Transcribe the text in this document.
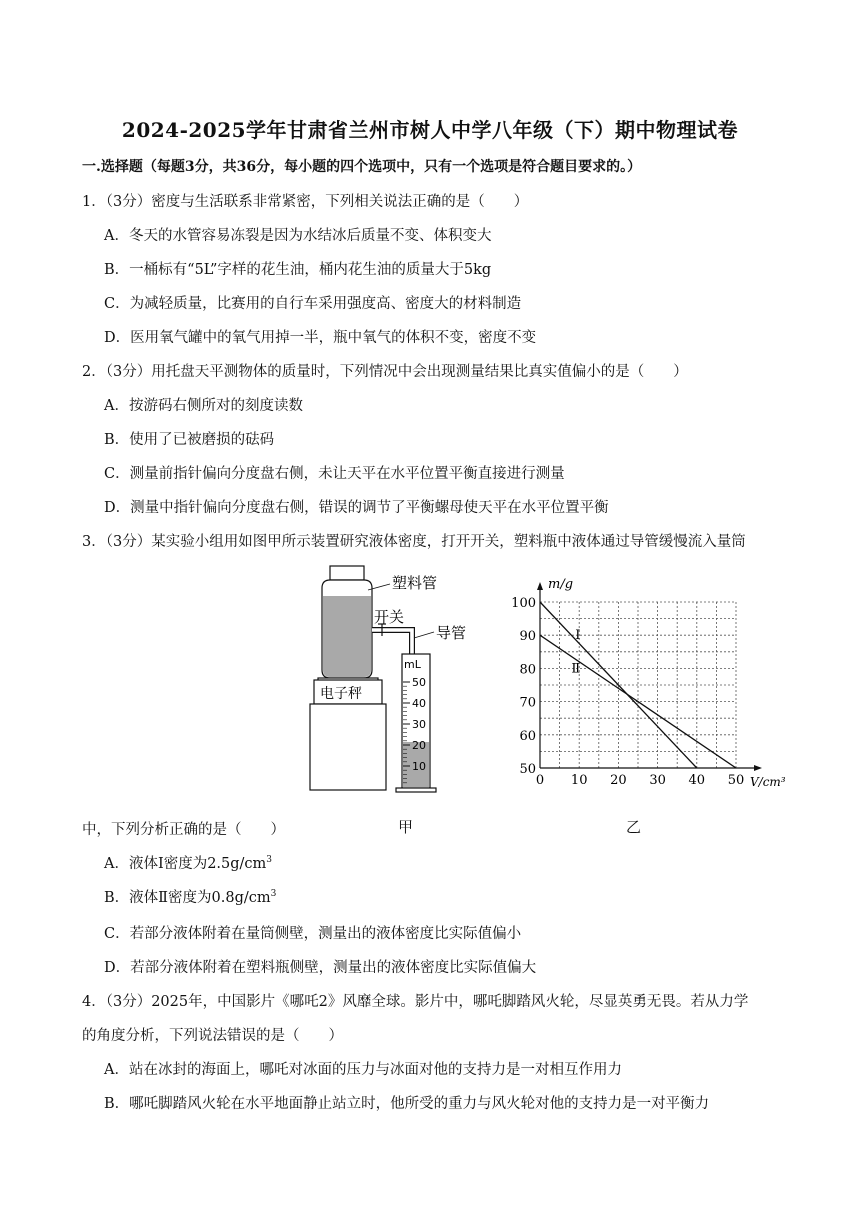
2024-2025学年甘肃省兰州市树人中学八年级（下）期中物理试卷
一.选择题（每题3分，共36分，每小题的四个选项中，只有一个选项是符合题目要求的。）
1．（3分）密度与生活联系非常紧密，下列相关说法正确的是（　　）
A．冬天的水管容易冻裂是因为水结冰后质量不变、体积变大
B．一桶标有“5L”字样的花生油，桶内花生油的质量大于5kg
C．为减轻质量，比赛用的自行车采用强度高、密度大的材料制造
D．医用氧气罐中的氧气用掉一半，瓶中氧气的体积不变，密度不变
2．（3分）用托盘天平测物体的质量时，下列情况中会出现测量结果比真实值偏小的是（　　）
A．按游码右侧所对的刻度读数
B．使用了已被磨损的砝码
C．测量前指针偏向分度盘右侧，未让天平在水平位置平衡直接进行测量
D．测量中指针偏向分度盘右侧，错误的调节了平衡螺母使天平在水平位置平衡
3．（3分）某实验小组用如图甲所示装置研究液体密度，打开开关，塑料瓶中液体通过导管缓慢流入量筒
塑料管
开关
导管
电子秤
mL
50
40
30
20
10
Ⅰ
Ⅱ
100
90
80
70
60
50
0 10 20 30 40 50
m/g
V/cm³
中，下列分析正确的是（　　）	甲	乙
A．液体Ⅰ密度为$2.5g/cm^3$
B．液体Ⅱ密度为$0.8g/cm^3$
C．若部分液体附着在量筒侧壁，测量出的液体密度比实际值偏小
D．若部分液体附着在塑料瓶侧壁，测量出的液体密度比实际值偏大
4．（3分）2025年，中国影片《哪吒2》风靡全球。影片中，哪吒脚踏风火轮，尽显英勇无畏。若从力学
的角度分析，下列说法错误的是（　　）
A．站在冰封的海面上，哪吒对冰面的压力与冰面对他的支持力是一对相互作用力
B．哪吒脚踏风火轮在水平地面静止站立时，他所受的重力与风火轮对他的支持力是一对平衡力
